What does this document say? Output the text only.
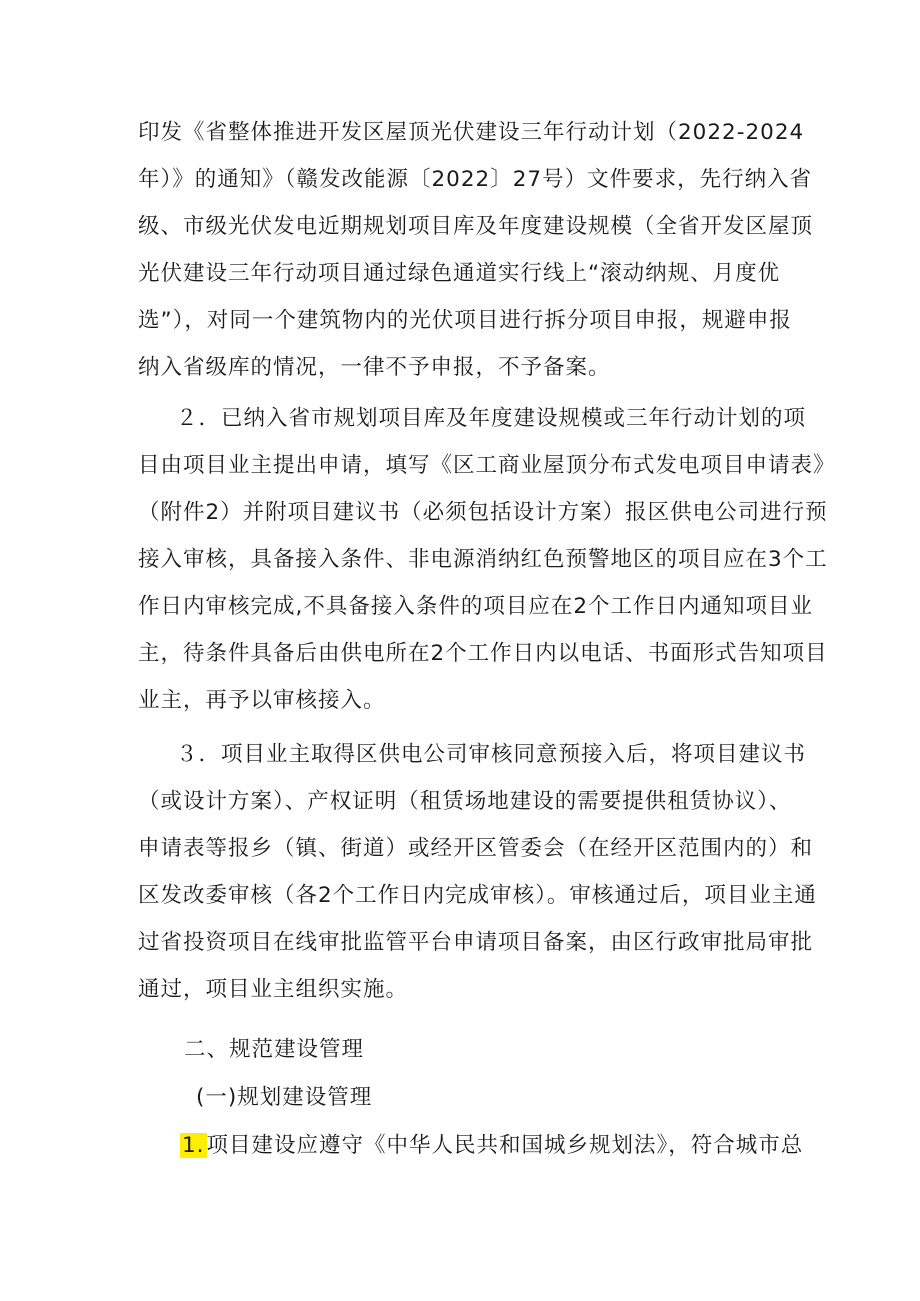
印发《省整体推进开发区屋顶光伏建设三年行动计划（2022-2024
年）》的通知》（赣发改能源〔2022〕27号）文件要求，先行纳入省
级、市级光伏发电近期规划项目库及年度建设规模（全省开发区屋顶
光伏建设三年行动项目通过绿色通道实行线上“滚动纳规、月度优
选”），对同一个建筑物内的光伏项目进行拆分项目申报，规避申报
纳入省级库的情况，一律不予申报，不予备案。
２．已纳入省市规划项目库及年度建设规模或三年行动计划的项
目由项目业主提出申请，填写《区工商业屋顶分布式发电项目申请表》
（附件2）并附项目建议书（必须包括设计方案）报区供电公司进行预
接入审核，具备接入条件、非电源消纳红色预警地区的项目应在3个工
作日内审核完成,不具备接入条件的项目应在2个工作日内通知项目业
主，待条件具备后由供电所在2个工作日内以电话、书面形式告知项目
业主，再予以审核接入。
３．项目业主取得区供电公司审核同意预接入后，将项目建议书
（或设计方案）、产权证明（租赁场地建设的需要提供租赁协议）、
申请表等报乡（镇、街道）或经开区管委会（在经开区范围内的）和
区发改委审核（各2个工作日内完成审核）。审核通过后，项目业主通
过省投资项目在线审批监管平台申请项目备案，由区行政审批局审批
通过，项目业主组织实施。
二、规范建设管理
(一)规划建设管理
1.项目建设应遵守《中华人民共和国城乡规划法》，符合城市总
